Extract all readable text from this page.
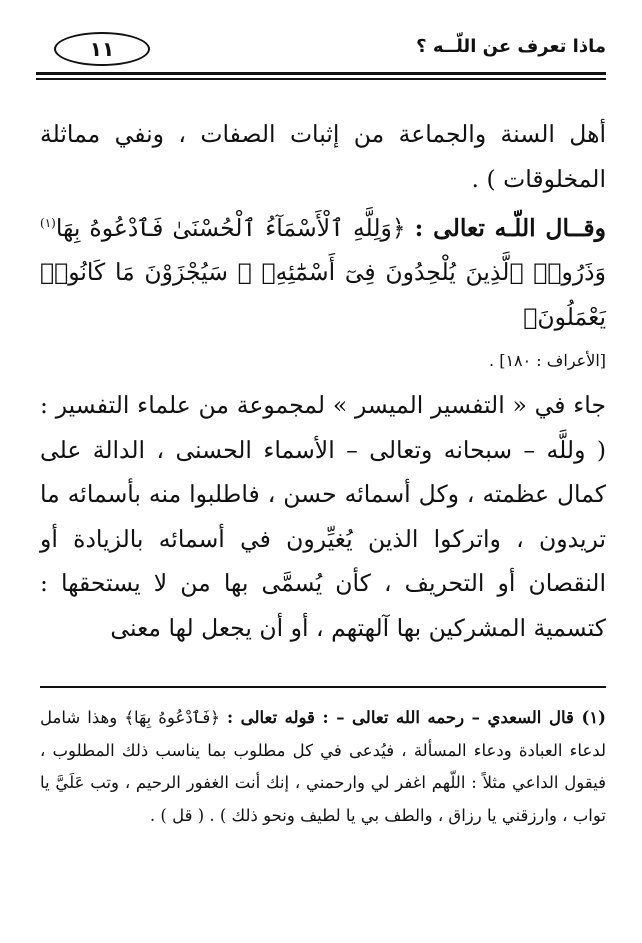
ماذا تعرف عن اللّــه ؟
١١

أهل السنة والجماعة من إثبات الصفات ، ونفي مماثلة المخلوقات ) .

وقــال اللّـه تعالى : ﴿وَلِلَّهِ ٱلْأَسْمَآءُ ٱلْحُسْنَىٰ فَٱدْعُوهُ بِهَا$^{(١)}$ وَذَرُوا۟ ٱلَّذِينَ يُلْحِدُونَ فِىٓ أَسْمَٰٓئِهِۦ ۚ سَيُجْزَوْنَ مَا كَانُوا۟ يَعْمَلُونَ﴾

[الأعراف : ١٨٠] .

جاء في « التفسير الميسر » لمجموعة من علماء التفسير : ( وللَّه – سبحانه وتعالى – الأسماء الحسنى ، الدالة على كمال عظمته ، وكل أسمائه حسن ، فاطلبوا منه بأسمائه ما تريدون ، واتركوا الذين يُغيِّرون في أسمائه بالزيادة أو النقصان أو التحريف ، كأن يُسمَّى بها من لا يستحقها : كتسمية المشركين بها آلهتهم ، أو أن يجعل لها معنى

(١) قال السعدي – رحمه الله تعالى – : قوله تعالى : ﴿فَٱدْعُوهُ بِهَا﴾ وهذا شامل لدعاء العبادة ودعاء المسألة ، فيُدعى في كل مطلوب بما يناسب ذلك المطلوب ، فيقول الداعي مثلاً : اللّهم اغفر لي وارحمني ، إنك أنت الغفور الرحيم ، وتب عَلَيَّ يا تواب ، وارزقني يا رزاق ، والطف بي يا لطيف ونحو ذلك ) . ( قل ) .
